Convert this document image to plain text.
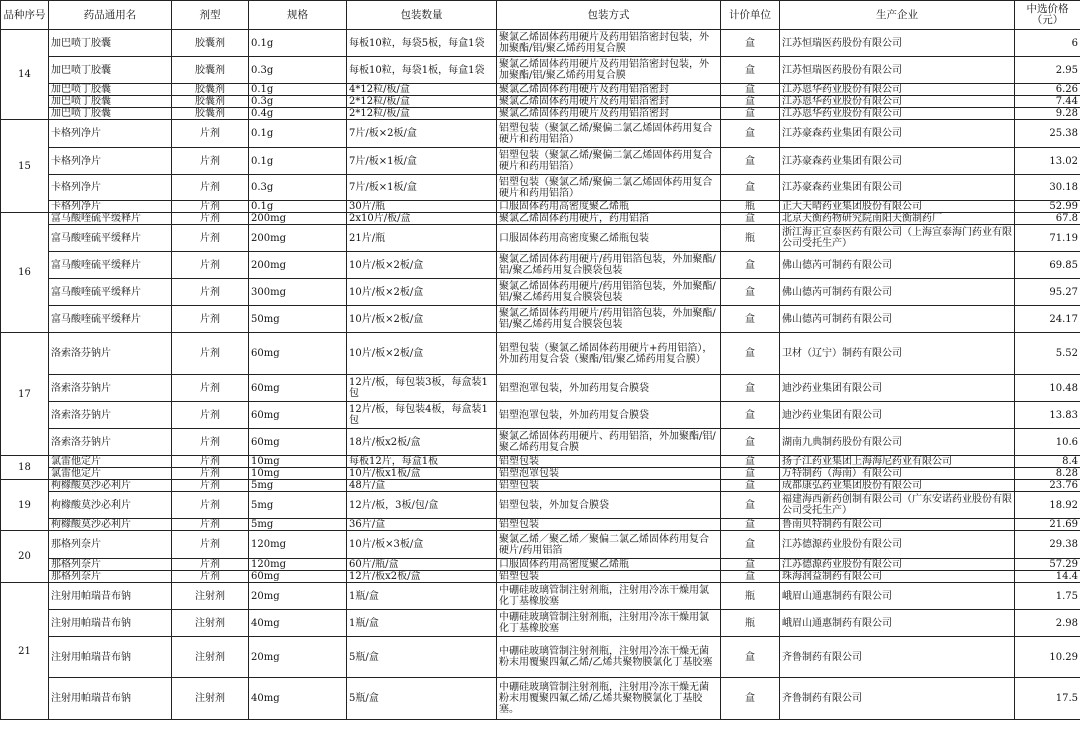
品种序号	药品通用名	剂型	规格	包装数量	包装方式	计价单位	生产企业	中选价格
（元）

14	加巴喷丁胶囊	胶囊剂	0.1g	每板10粒，每袋5板，每盒1袋	聚氯乙烯固体药用硬片及药用铝箔密封包装，外加聚酯/铝/聚乙烯药用复合膜	盒	江苏恒瑞医药股份有限公司	6
	加巴喷丁胶囊	胶囊剂	0.3g	每板10粒，每袋1板，每盒1袋	聚氯乙烯固体药用硬片及药用铝箔密封包装，外加聚酯/铝/聚乙烯药用复合膜	盒	江苏恒瑞医药股份有限公司	2.95
	加巴喷丁胶囊	胶囊剂	0.1g	4*12粒/板/盒	聚氯乙烯固体药用硬片及药用铝箔密封	盒	江苏恩华药业股份有限公司	6.26
	加巴喷丁胶囊	胶囊剂	0.3g	2*12粒/板/盒	聚氯乙烯固体药用硬片及药用铝箔密封	盒	江苏恩华药业股份有限公司	7.44
	加巴喷丁胶囊	胶囊剂	0.4g	2*12粒/板/盒	聚氯乙烯固体药用硬片及药用铝箔密封	盒	江苏恩华药业股份有限公司	9.28
15	卡格列净片	片剂	0.1g	7片/板×2板/盒	铝塑包装（聚氯乙烯/聚偏二氯乙烯固体药用复合硬片和药用铝箔）	盒	江苏豪森药业集团有限公司	25.38
	卡格列净片	片剂	0.1g	7片/板×1板/盒	铝塑包装（聚氯乙烯/聚偏二氯乙烯固体药用复合硬片和药用铝箔）	盒	江苏豪森药业集团有限公司	13.02
	卡格列净片	片剂	0.3g	7片/板×1板/盒	铝塑包装（聚氯乙烯/聚偏二氯乙烯固体药用复合硬片和药用铝箔）	盒	江苏豪森药业集团有限公司	30.18
	卡格列净片	片剂	0.1g	30片/瓶	口服固体药用高密度聚乙烯瓶	瓶	正大天晴药业集团股份有限公司	52.99
16	富马酸喹硫平缓释片	片剂	200mg	2x10片/板/盒	聚氯乙烯固体药用硬片，药用铝箔	盒	北京天衡药物研究院南阳天衡制药厂	67.8
	富马酸喹硫平缓释片	片剂	200mg	21片/瓶	口服固体药用高密度聚乙烯瓶包装	瓶	浙江海正宣泰医药有限公司（上海宣泰海门药业有限公司受托生产）	71.19
	富马酸喹硫平缓释片	片剂	200mg	10片/板×2板/盒	聚氯乙烯固体药用硬片/药用铝箔包装，外加聚酯/铝/聚乙烯药用复合膜袋包装	盒	佛山德芮可制药有限公司	69.85
	富马酸喹硫平缓释片	片剂	300mg	10片/板×2板/盒	聚氯乙烯固体药用硬片/药用铝箔包装，外加聚酯/铝/聚乙烯药用复合膜袋包装	盒	佛山德芮可制药有限公司	95.27
	富马酸喹硫平缓释片	片剂	50mg	10片/板×2板/盒	聚氯乙烯固体药用硬片/药用铝箔包装，外加聚酯/铝/聚乙烯药用复合膜袋包装	盒	佛山德芮可制药有限公司	24.17
17	洛索洛芬钠片	片剂	60mg	10片/板×2板/盒	铝塑包装（聚氯乙烯固体药用硬片+药用铝箔），外加药用复合袋（聚酯/铝/聚乙烯药用复合膜）	盒	卫材（辽宁）制药有限公司	5.52
	洛索洛芬钠片	片剂	60mg	12片/板，每包装3板，每盒装1包	铝塑泡罩包装，外加药用复合膜袋	盒	迪沙药业集团有限公司	10.48
	洛索洛芬钠片	片剂	60mg	12片/板，每包装4板，每盒装1包	铝塑泡罩包装，外加药用复合膜袋	盒	迪沙药业集团有限公司	13.83
	洛索洛芬钠片	片剂	60mg	18片/板x2板/盒	聚氯乙烯固体药用硬片、药用铝箔，外加聚酯/铝/聚乙烯药用复合膜	盒	湖南九典制药股份有限公司	10.6
18	氯雷他定片	片剂	10mg	每板12片，每盒1板	铝塑包装	盒	扬子江药业集团上海海尼药业有限公司	8.4
	氯雷他定片	片剂	10mg	10片/板x1板/盒	铝塑泡罩包装	盒	万特制药（海南）有限公司	8.28
19	枸橼酸莫沙必利片	片剂	5mg	48片/盒	铝塑包装	盒	成都康弘药业集团股份有限公司	23.76
	枸橼酸莫沙必利片	片剂	5mg	12片/板，3板/包/盒	铝塑包装，外加复合膜袋	盒	福建海西新药创制有限公司（广东安诺药业股份有限公司受托生产）	18.92
	枸橼酸莫沙必利片	片剂	5mg	36片/盒	铝塑包装	盒	鲁南贝特制药有限公司	21.69
20	那格列奈片	片剂	120mg	10片/板×3板/盒	聚氯乙烯／聚乙烯／聚偏二氯乙烯固体药用复合硬片/药用铝箔	盒	江苏德源药业股份有限公司	29.38
	那格列奈片	片剂	120mg	60片/瓶/盒	口服固体药用高密度聚乙烯瓶	盒	江苏德源药业股份有限公司	57.29
	那格列奈片	片剂	60mg	12片/板x2板/盒	铝塑包装	盒	珠海润益制药有限公司	14.4
21	注射用帕瑞昔布钠	注射剂	20mg	1瓶/盒	中硼硅玻璃管制注射剂瓶，注射用冷冻干燥用氯化丁基橡胶塞	瓶	峨眉山通惠制药有限公司	1.75
	注射用帕瑞昔布钠	注射剂	40mg	1瓶/盒	中硼硅玻璃管制注射剂瓶，注射用冷冻干燥用氯化丁基橡胶塞	瓶	峨眉山通惠制药有限公司	2.98
	注射用帕瑞昔布钠	注射剂	20mg	5瓶/盒	中硼硅玻璃管制注射剂瓶，注射用冷冻干燥无菌粉末用覆聚四氟乙烯/乙烯共聚物膜氯化丁基胶塞	盒	齐鲁制药有限公司	10.29
	注射用帕瑞昔布钠	注射剂	40mg	5瓶/盒	中硼硅玻璃管制注射剂瓶，注射用冷冻干燥无菌粉末用覆聚四氟乙烯/乙烯共聚物膜氯化丁基胶塞。	盒	齐鲁制药有限公司	17.5
